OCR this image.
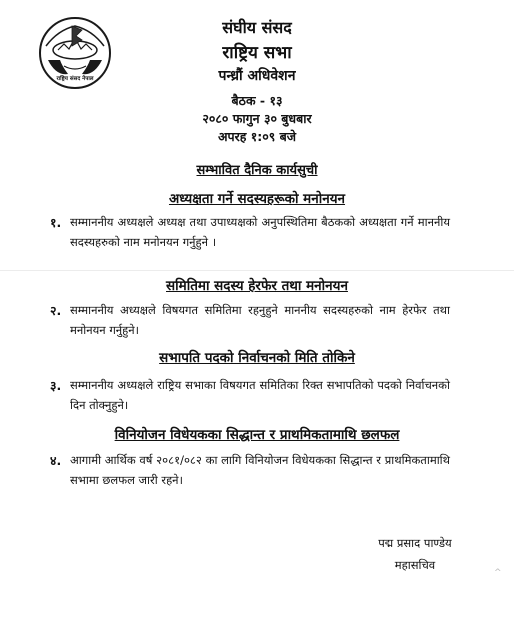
राष्ट्रिय संसद नेपाल
संघीय संसद
राष्ट्रिय सभा
पन्ध्रौं अधिवेशन
बैठक - १३
२०८० फागुन ३० बुधबार
अपरह १:०९ बजे
सम्भावित दैनिक कार्यसुची
अध्यक्षता गर्ने सदस्यहरूको मनोनयन
१. सम्माननीय अध्यक्षले अध्यक्ष तथा उपाध्यक्षको अनुपस्थितिमा बैठकको अध्यक्षता गर्ने माननीय सदस्यहरुको नाम मनोनयन गर्नुहुने ।
समितिमा सदस्य हेरफेर तथा मनोनयन
२. सम्माननीय अध्यक्षले विषयगत समितिमा रहनुहुने माननीय सदस्यहरुको नाम हेरफेर तथा मनोनयन गर्नुहुने।
सभापति पदको निर्वाचनको मिति तोकिने
३. सम्माननीय अध्यक्षले राष्ट्रिय सभाका विषयगत समितिका रिक्त सभापतिको पदको निर्वाचनको दिन तोक्नुहुने।
विनियोजन विधेयकका सिद्धान्त र प्राथमिकतामाथि छलफल
४. आगामी आर्थिक वर्ष २०८१/०८२ का लागि विनियोजन विधेयकका सिद्धान्त र प्राथमिकतामाथि सभामा छलफल जारी रहने।
पद्म प्रसाद पाण्डेय
महासचिव
^
